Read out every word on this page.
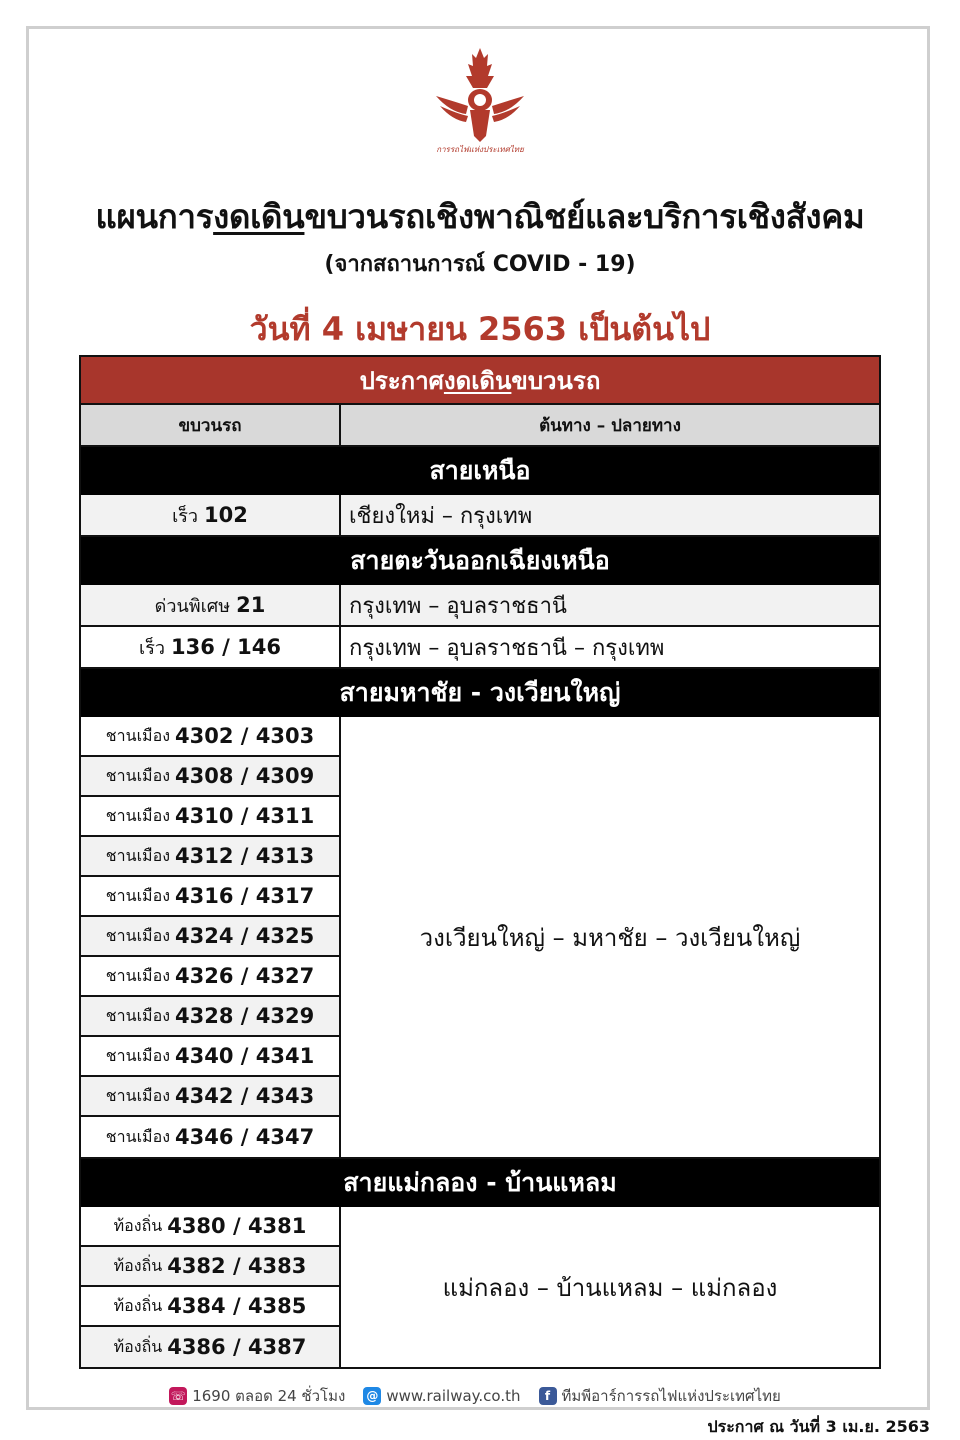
การรถไฟแห่งประเทศไทย
แผนการงดเดินขบวนรถเชิงพาณิชย์และบริการเชิงสังคม
(จากสถานการณ์ COVID - 19)
วันที่ 4 เมษายน 2563 เป็นต้นไป
ประกาศ งดเดิน ขบวนรถ
ขบวนรถ	ต้นทาง – ปลายทาง
สายเหนือ
เร็ว 102	เชียงใหม่ – กรุงเทพ
สายตะวันออกเฉียงเหนือ
ด่วนพิเศษ 21	กรุงเทพ – อุบลราชธานี
เร็ว 136 / 146	กรุงเทพ – อุบลราชธานี – กรุงเทพ
สายมหาชัย - วงเวียนใหญ่
ชานเมือง 4302 / 4303
ชานเมือง 4308 / 4309
ชานเมือง 4310 / 4311
ชานเมือง 4312 / 4313
ชานเมือง 4316 / 4317
ชานเมือง 4324 / 4325
ชานเมือง 4326 / 4327
ชานเมือง 4328 / 4329
ชานเมือง 4340 / 4341
ชานเมือง 4342 / 4343
ชานเมือง 4346 / 4347
วงเวียนใหญ่ – มหาชัย – วงเวียนใหญ่
สายแม่กลอง - บ้านแหลม
ท้องถิ่น 4380 / 4381
ท้องถิ่น 4382 / 4383
ท้องถิ่น 4384 / 4385
ท้องถิ่น 4386 / 4387
แม่กลอง – บ้านแหลม – แม่กลอง
☏ 1690 ตลอด 24 ชั่วโมง @ www.railway.co.th	f ทีมพีอาร์การรถไฟแห่งประเทศไทย
ประกาศ ณ วันที่ 3 เม.ย. 2563
